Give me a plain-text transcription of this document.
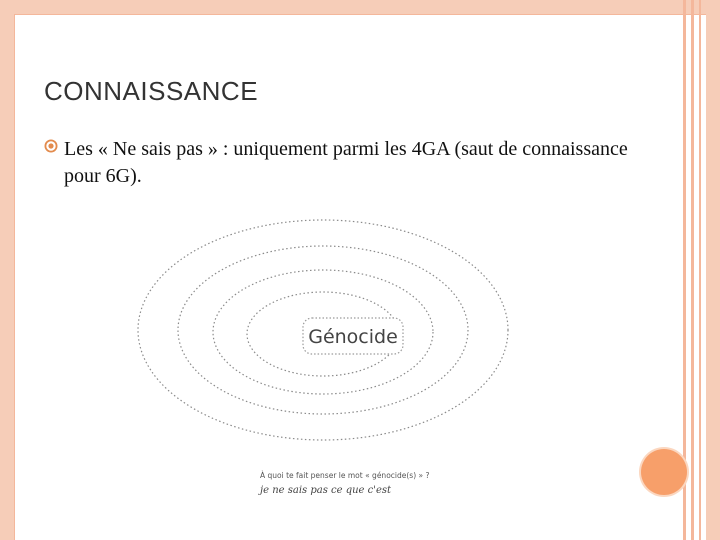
CONNAISSANCE
Les « Ne sais pas » : uniquement parmi les 4GA (saut de connaissance pour 6G).
Génocide
À quoi te fait penser le mot « génocide(s) » ?
je ne sais pas ce que c'est
